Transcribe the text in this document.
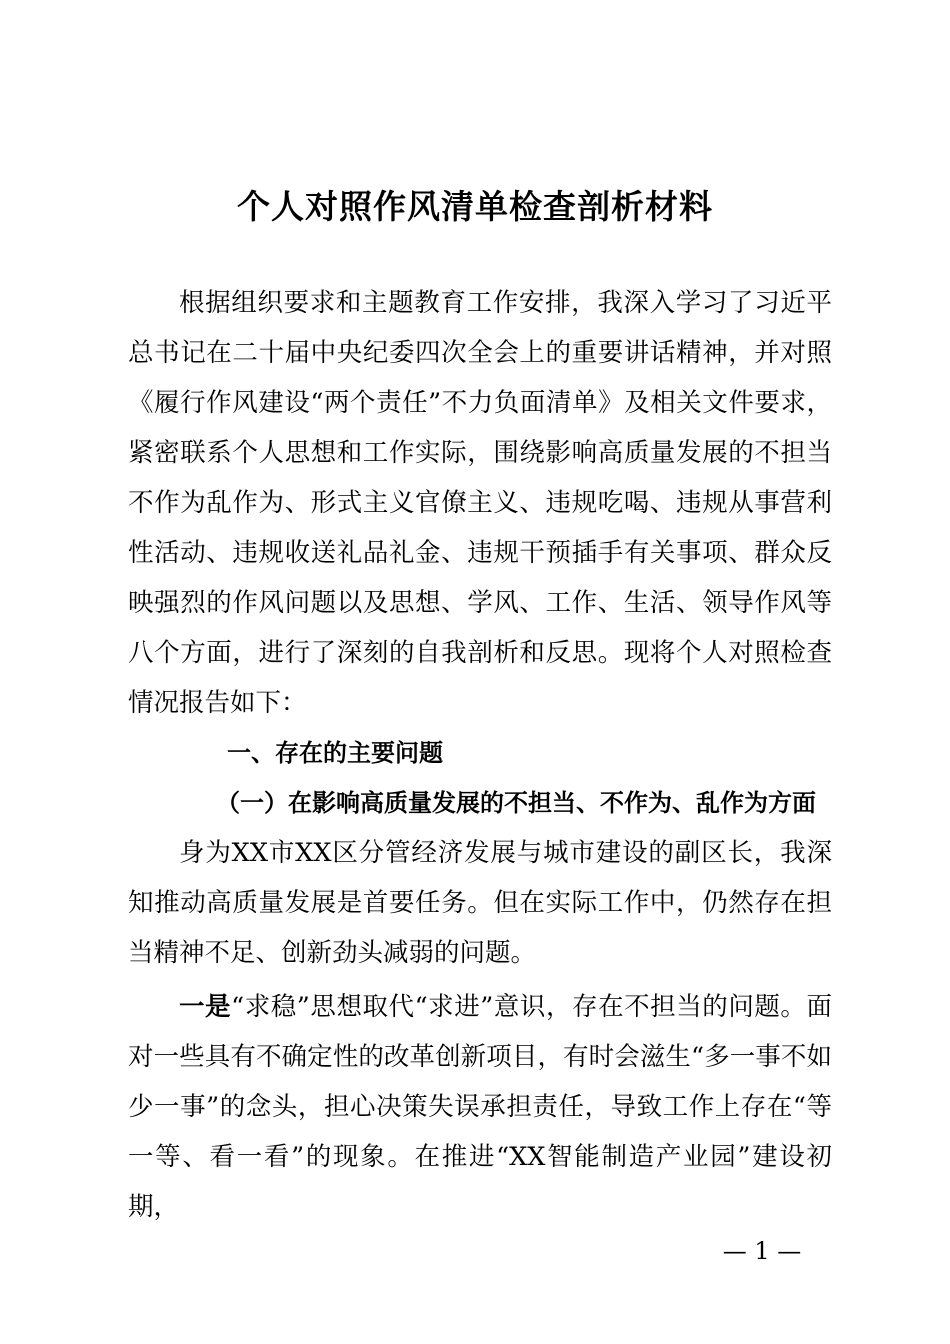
个人对照作风清单检查剖析材料

根据组织要求和主题教育工作安排，我深入学习了习近平总书记在二十届中央纪委四次全会上的重要讲话精神，并对照《履行作风建设“两个责任”不力负面清单》及相关文件要求，紧密联系个人思想和工作实际，围绕影响高质量发展的不担当不作为乱作为、形式主义官僚主义、违规吃喝、违规从事营利性活动、违规收送礼品礼金、违规干预插手有关事项、群众反映强烈的作风问题以及思想、学风、工作、生活、领导作风等八个方面，进行了深刻的自我剖析和反思。现将个人对照检查情况报告如下：

一、存在的主要问题

（一）在影响高质量发展的不担当、不作为、乱作为方面

身为XX市XX区分管经济发展与城市建设的副区长，我深知推动高质量发展是首要任务。但在实际工作中，仍然存在担当精神不足、创新劲头减弱的问题。

一是“求稳”思想取代“求进”意识，存在不担当的问题。面对一些具有不确定性的改革创新项目，有时会滋生“多一事不如少一事”的念头，担心决策失误承担责任，导致工作上存在“等一等、看一看”的现象。在推进“XX智能制造产业园”建设初期，

— 1 —
